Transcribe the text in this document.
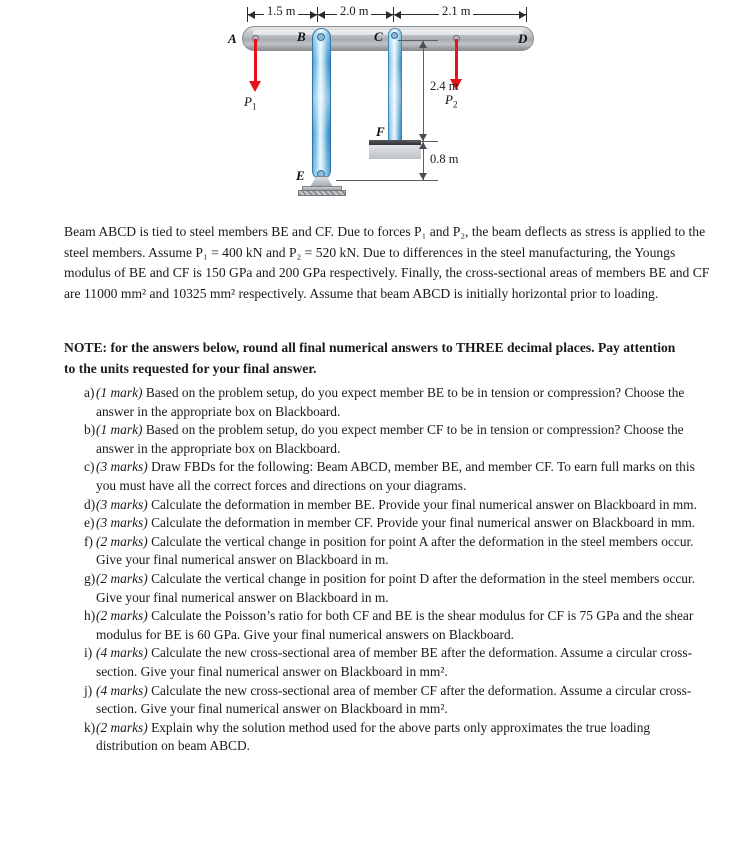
1.5 m	2.0 m	2.1 m
A	B	C	D
E
F
$P_1$	$P_2$
2.4 m
0.8 m

Beam ABCD is tied to steel members BE and CF. Due to forces P₁ and P₂, the beam deflects as stress is applied to the steel members. Assume P₁ = 400 kN and P₂ = 520 kN. Due to differences in the steel manufacturing, the Youngs modulus of BE and CF is 150 GPa and 200 GPa respectively. Finally, the cross-sectional areas of members BE and CF are 11000 mm² and 10325 mm² respectively. Assume that beam ABCD is initially horizontal prior to loading.

NOTE: for the answers below, round all final numerical answers to THREE decimal places. Pay attention to the units requested for your final answer.
a) (1 mark) Based on the problem setup, do you expect member BE to be in tension or compression? Choose the answer in the appropriate box on Blackboard.
b) (1 mark) Based on the problem setup, do you expect member CF to be in tension or compression? Choose the answer in the appropriate box on Blackboard.
c) (3 marks) Draw FBDs for the following: Beam ABCD, member BE, and member CF. To earn full marks on this you must have all the correct forces and directions on your diagrams.
d) (3 marks) Calculate the deformation in member BE. Provide your final numerical answer on Blackboard in mm.
e) (3 marks) Calculate the deformation in member CF. Provide your final numerical answer on Blackboard in mm.
f) (2 marks) Calculate the vertical change in position for point A after the deformation in the steel members occur. Give your final numerical answer on Blackboard in m.
g) (2 marks) Calculate the vertical change in position for point D after the deformation in the steel members occur. Give your final numerical answer on Blackboard in m.
h) (2 marks) Calculate the Poisson’s ratio for both CF and BE is the shear modulus for CF is 75 GPa and the shear modulus for BE is 60 GPa. Give your final numerical answers on Blackboard.
i) (4 marks) Calculate the new cross-sectional area of member BE after the deformation. Assume a circular cross-section. Give your final numerical answer on Blackboard in mm².
j) (4 marks) Calculate the new cross-sectional area of member CF after the deformation. Assume a circular cross-section. Give your final numerical answer on Blackboard in mm².
k) (2 marks) Explain why the solution method used for the above parts only approximates the true loading distribution on beam ABCD.
